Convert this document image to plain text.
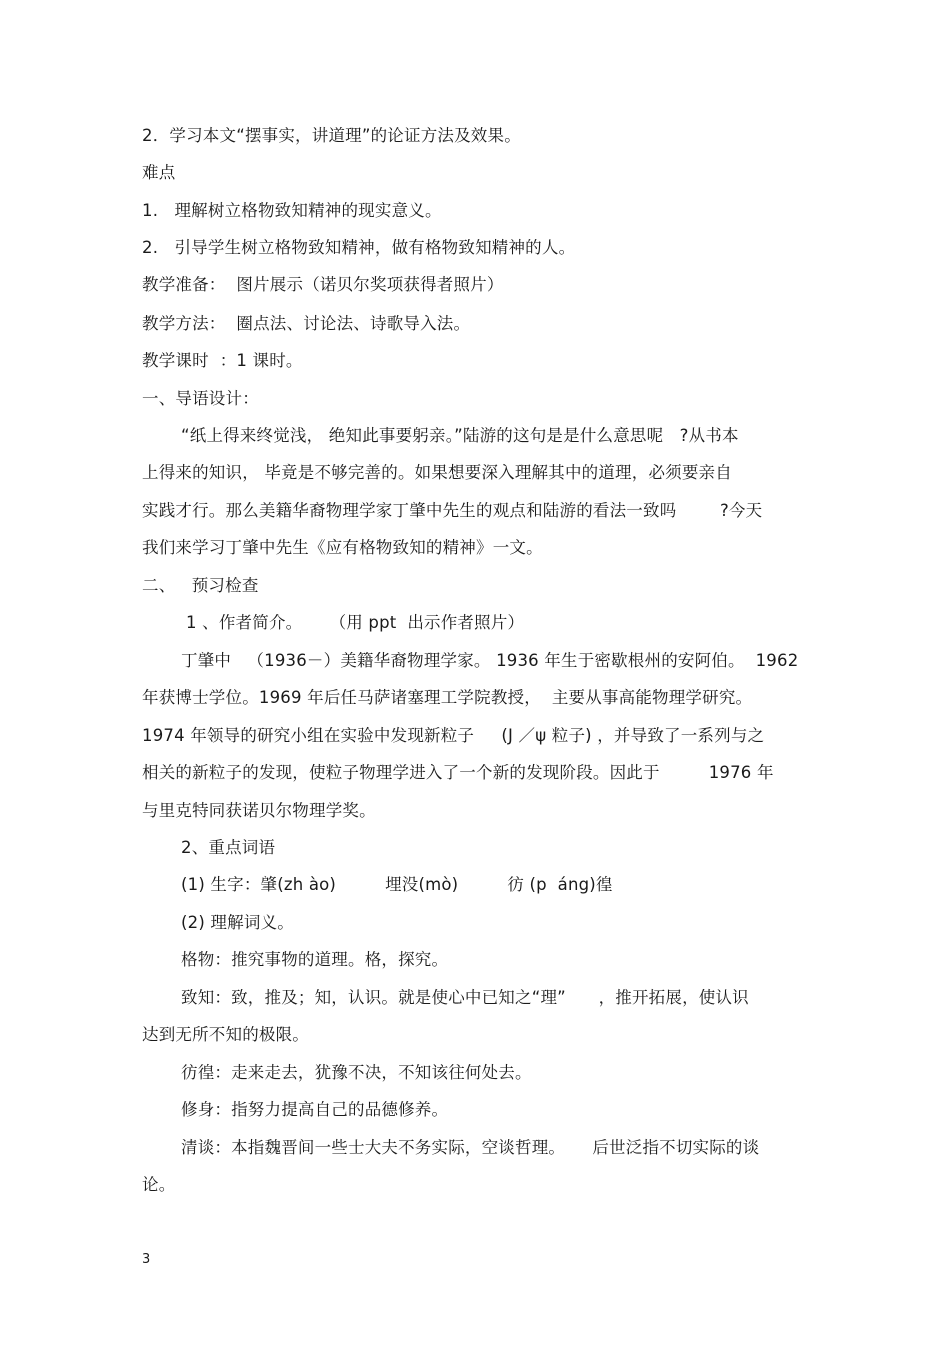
2．学习本文“摆事实，讲道理”的论证方法及效果。
难点
1.   理解树立格物致知精神的现实意义。
2.   引导学生树立格物致知精神，做有格物致知精神的人。
教学准备：  图片展示（诺贝尔奖项获得者照片）
教学方法：  圈点法、讨论法、诗歌导入法。
教学课时  ：1 课时。
一、导语设计：
“纸上得来终觉浅， 绝知此事要躬亲。”陆游的这句是是什么意思呢   ?从书本
上得来的知识， 毕竟是不够完善的。如果想要深入理解其中的道理，必须要亲自
实践才行。那么美籍华裔物理学家丁肇中先生的观点和陆游的看法一致吗        ?今天
我们来学习丁肇中先生《应有格物致知的精神》一文。
二、   预习检查
1 、作者简介。     （用 ppt  出示作者照片）
丁肇中   （1936－）美籍华裔物理学家。 1936 年生于密歇根州的安阿伯。  1962
年获博士学位。1969 年后任马萨诸塞理工学院教授，  主要从事高能物理学研究。
1974 年领导的研究小组在实验中发现新粒子     (J ／ψ 粒子) ，并导致了一系列与之
相关的新粒子的发现，使粒子物理学进入了一个新的发现阶段。因此于         1976 年
与里克特同获诺贝尔物理学奖。
2、重点词语
(1) 生字：肇(zh ào)         埋没(mò)         彷 (p  áng)徨
(2) 理解词义。
格物：推究事物的道理。格，探究。
致知：致，推及；知，认识。就是使心中已知之“理”      ，推开拓展，使认识
达到无所不知的极限。
彷徨：走来走去，犹豫不决，不知该往何处去。
修身：指努力提高自己的品德修养。
清谈：本指魏晋间一些士大夫不务实际，空谈哲理。     后世泛指不切实际的谈
论。
3
